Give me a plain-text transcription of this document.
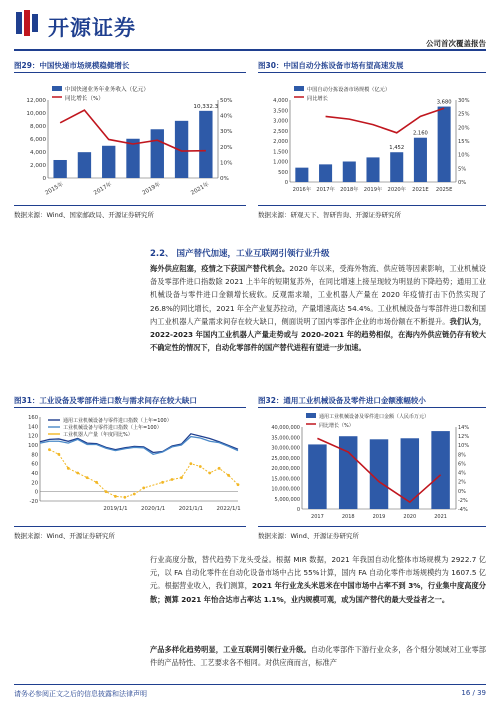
开源证券
公司首次覆盖报告
图29：中国快递市场规模稳健增长
0
2,000
4,000
6,000
8,000
10,000
12,000
0%
10%
20%
30%
40%
50%
2015年	2017年	2019年	2021年
10,332.3
中国快递业务年业务收入（亿元）
同比增长（%）
数据来源：Wind、国家邮政局、开源证券研究所
图30：中国自动分拣设备市场有望高速发展
0
500
1,000
1,500
2,000
2,500
3,000
3,500
4,000
0%
5%
10%
15%
20%
25%
30%
2016年 2017年 2018年 2019年 2020年 2021E 2025E
1,452
2,160
3,680
中国自动分拣设备市场规模（亿元）
同比增长
数据来源：研观天下、智研咨询、开源证券研究所
2.2、 国产替代加速，工业互联网引领行业升级
海外供应阻塞，疫情之下获国产替代机会。2020 年以来，受海外物流、供应链等因素影响，工业机械设备及零部件进口指数除 2021 上半年的短期复苏外，在同比增速上接呈现较为明显的下降趋势；通用工业机械设备与零件进口金额增长疲软。反观需求端，工业机器人产量在 2020 年疫情打击下仍然实现了 26.8%的同比增长，2021 年全产业复苏拉动，产量增速高达 54.4%。工业机械设备与零部件进口数和国内工业机器人产量需求间存在较大缺口，侧面说明了国内零部件企业的市场份额在不断提升。我们认为，2022-2023 年国内工业机器人产量走势或与 2020-2021 年的趋势相似，在海内外供应链仍存有较大不确定性的情况下，自动化零部件的国产替代进程有望进一步加速。
图31：工业设备及零部件进口数与需求间存在较大缺口
-20
0
20
40
60
80
100
120
140
160
2019/1/1 2020/1/1 2021/1/1 2022/1/1
通用工业机械设备与零件进口指数（上年=100）
工业机械设备与零件进口指数（上年=100）
工业机器人产量（年度同比%）
数据来源：Wind、开源证券研究所
图32：通用工业机械设备及零件进口金额涨幅较小
0
5,000,000
10,000,000
15,000,000
20,000,000
25,000,000
30,000,000
35,000,000
40,000,000
-4%
-2%
0%
2%
4%
6%
8%
10%
12%
14%
2017	2018	2019	2020	2021
通用工业机械设备及零件进口金额（人民币万元）
同比增长（%）
数据来源：Wind、开源证券研究所
行业高度分散，替代趋势下龙头受益。根据 MIR 数据，2021 年我国自动化整体市场规模为 2922.7 亿元，以 FA 自动化零件在自动化设备市场中占比 55%计算，国内 FA 自动化零件市场规模约为 1607.5 亿元。根据营业收入，我们测算，2021 年行业龙头米思米在中国市场中占率不到 3%，行业集中度高度分散；测算 2021 年怡合达市占率达 1.1%，业内规模可观，或为国产替代的最大受益者之一。
产品多样化趋势明显，工业互联网引领行业升级。自动化零部件下游行业众多，各个细分领域对工业零部件的产品特性、工艺要求各不相同。对供应商而言，标准产
请务必参阅正文之后的信息披露和法律声明	16 / 39
